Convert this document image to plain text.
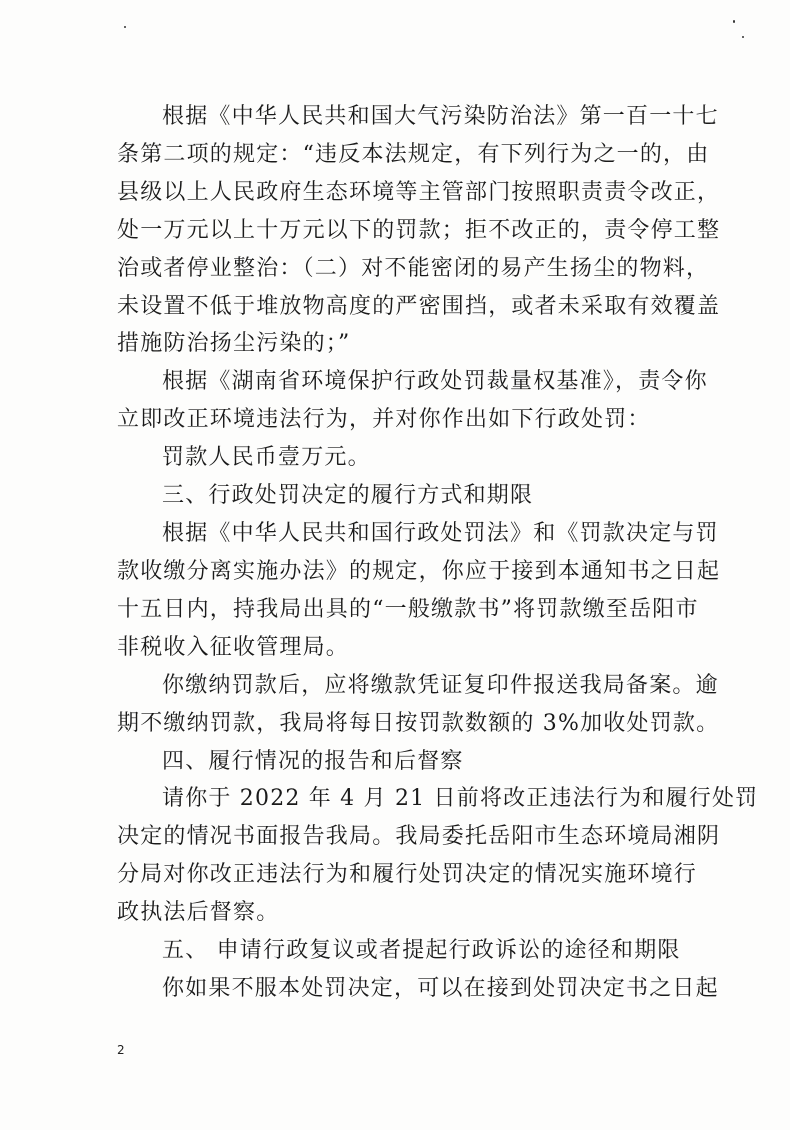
根据《中华人民共和国大气污染防治法》第一百一十七
条第二项的规定：“违反本法规定，有下列行为之一的，由
县级以上人民政府生态环境等主管部门按照职责责令改正，
处一万元以上十万元以下的罚款；拒不改正的，责令停工整
治或者停业整治：（二）对不能密闭的易产生扬尘的物料，
未设置不低于堆放物高度的严密围挡，或者未采取有效覆盖
措施防治扬尘污染的；”
根据《湖南省环境保护行政处罚裁量权基准》，责令你
立即改正环境违法行为，并对你作出如下行政处罚：
罚款人民币壹万元。
三、行政处罚决定的履行方式和期限
根据《中华人民共和国行政处罚法》和《罚款决定与罚
款收缴分离实施办法》的规定，你应于接到本通知书之日起
十五日内，持我局出具的“一般缴款书”将罚款缴至岳阳市
非税收入征收管理局。
你缴纳罚款后，应将缴款凭证复印件报送我局备案。逾
期不缴纳罚款，我局将每日按罚款数额的 3%加收处罚款。
四、履行情况的报告和后督察
请你于 2022 年 4 月 21 日前将改正违法行为和履行处罚
决定的情况书面报告我局。我局委托岳阳市生态环境局湘阴
分局对你改正违法行为和履行处罚决定的情况实施环境行
政执法后督察。
五、 申请行政复议或者提起行政诉讼的途径和期限
你如果不服本处罚决定，可以在接到处罚决定书之日起
2
